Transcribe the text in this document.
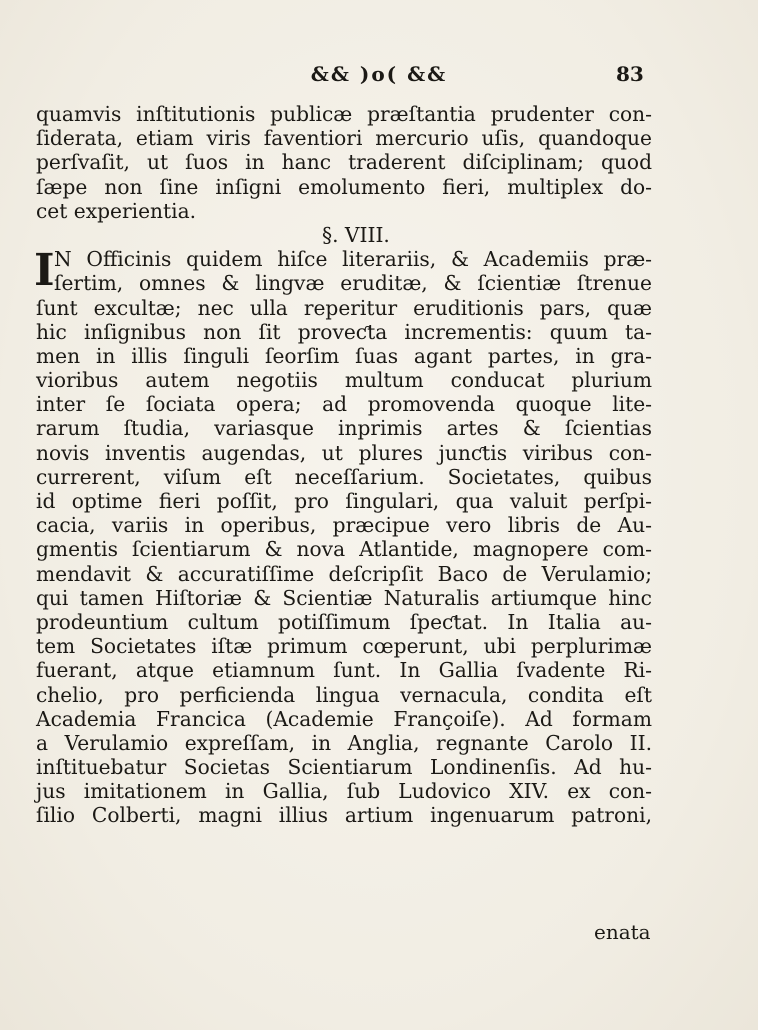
&& )o( &&	83
quamvis inſtitutionis publicæ præſtantia prudenter con-
ſiderata, etiam viris faventiori mercurio uſis, quandoque
perſvaſit, ut ſuos in hanc traderent diſciplinam; quod
ſæpe non ſine inſigni emolumento fieri, multiplex do-
cet experientia.
§. VIII.
I N Officinis quidem hiſce literariis, & Academiis præ-
ſertim, omnes & lingvæ eruditæ, & ſcientiæ ſtrenue
ſunt excultæ; nec ulla reperitur eruditionis pars, quæ
hic inſignibus non ſit proveƈta incrementis: quum ta-
men in illis ſinguli ſeorſim ſuas agant partes, in gra-
vioribus autem negotiis multum conducat plurium
inter ſe ſociata opera; ad promovenda quoque lite-
rarum ſtudia, variasque inprimis artes & ſcientias
novis inventis augendas, ut plures junƈtis viribus con-
currerent, viſum eſt neceſſarium. Societates, quibus
id optime fieri poſſit, pro ſingulari, qua valuit perſpi-
cacia, variis in operibus, præcipue vero libris de Au-
gmentis ſcientiarum & nova Atlantide, magnopere com-
mendavit & accuratiſſime deſcripſit Baco de Verulamio;
qui tamen Hiſtoriæ & Scientiæ Naturalis artiumque hinc
prodeuntium cultum potiſſimum ſpeƈtat. In Italia au-
tem Societates iſtæ primum cœperunt, ubi perplurimæ
fuerant, atque etiamnum ſunt. In Gallia ſvadente Ri-
chelio, pro perficienda lingua vernacula, condita eſt
Academia Francica (Academie Françoiſe). Ad formam
a Verulamio expreſſam, in Anglia, regnante Carolo II.
inſtituebatur Societas Scientiarum Londinenſis. Ad hu-
jus imitationem in Gallia, ſub Ludovico XIV. ex con-
ſilio Colberti, magni illius artium ingenuarum patroni,
enata
